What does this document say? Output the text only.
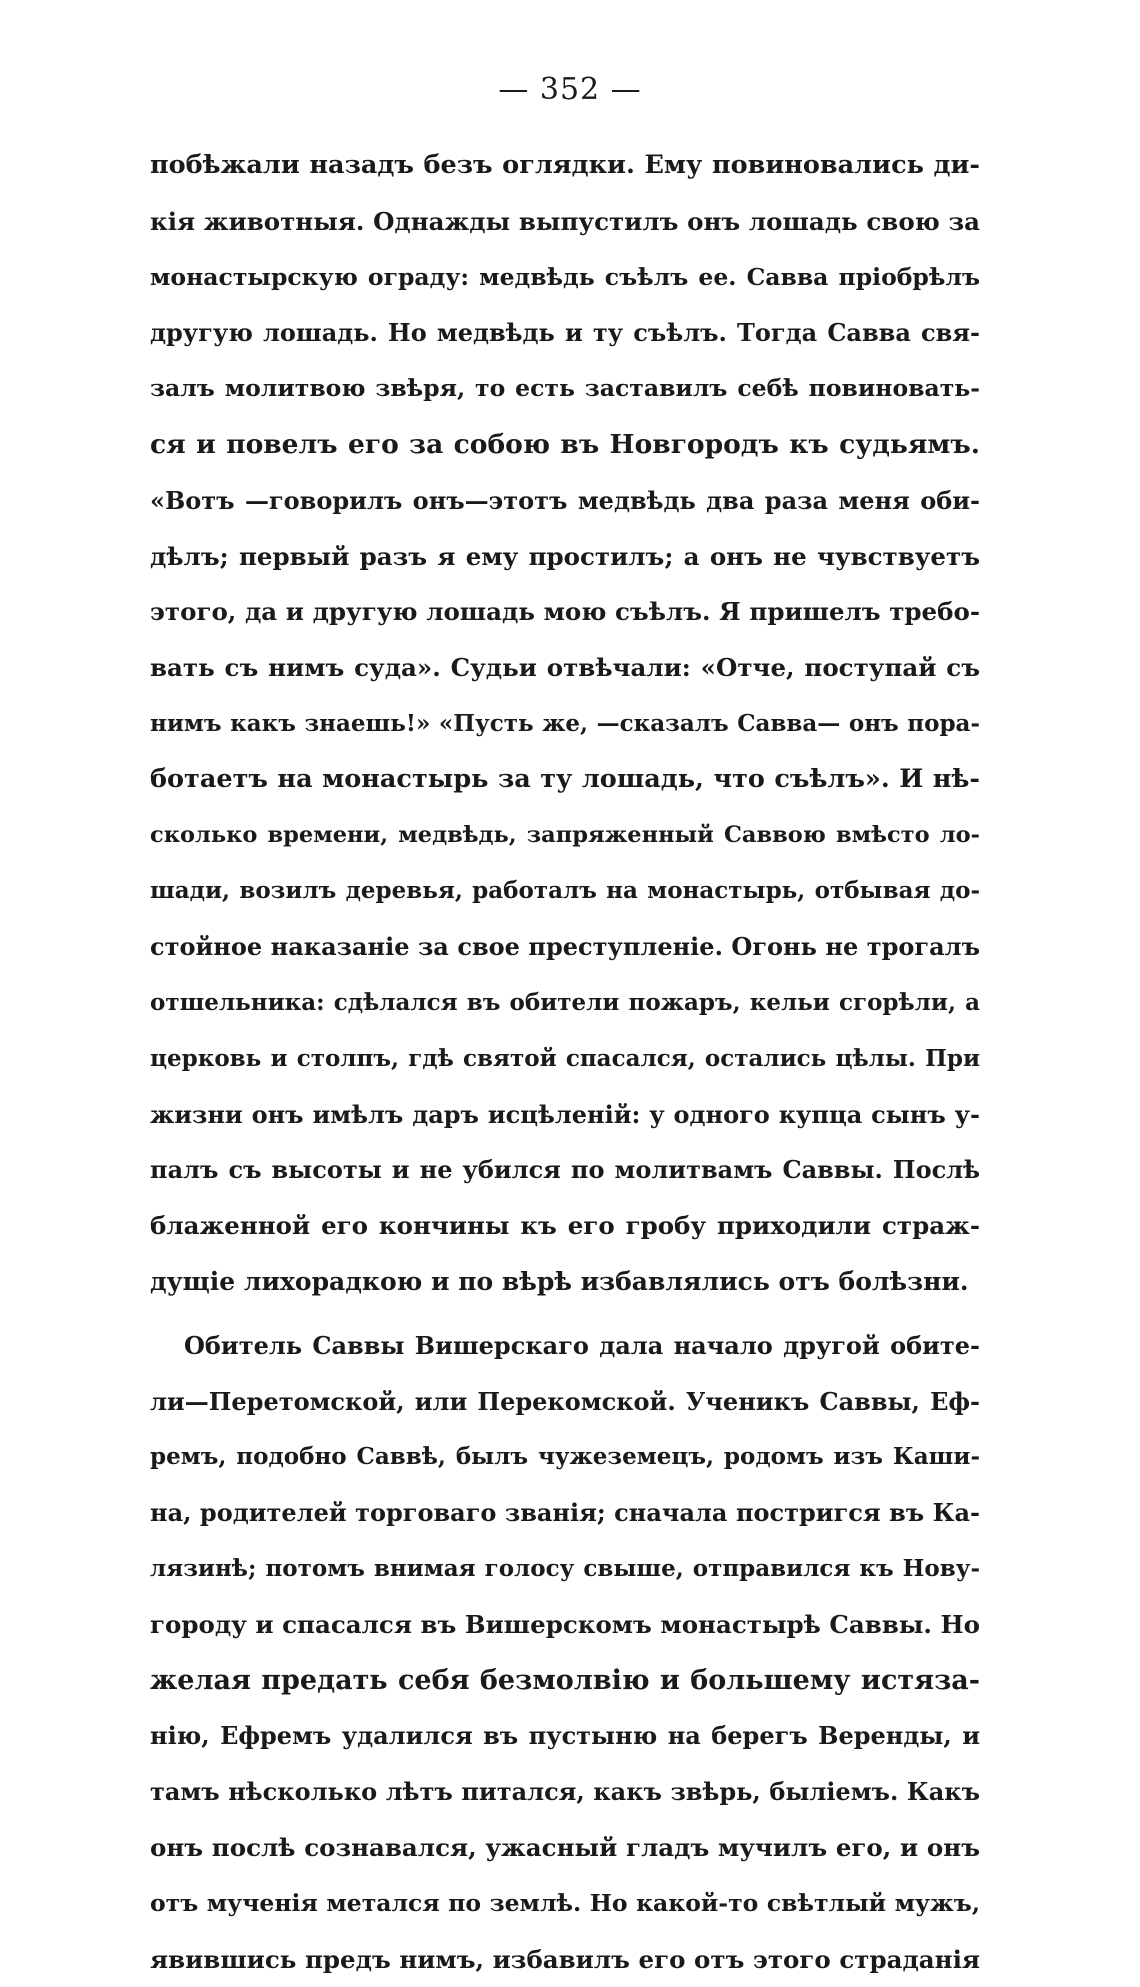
— 352 —
побѣжали назадъ безъ оглядки. Ему повиновались ди-
кія животныя. Однажды выпустилъ онъ лошадь свою за
монастырскую ограду: медвѣдь съѣлъ ее. Савва пріобрѣлъ
другую лошадь. Но медвѣдь и ту съѣлъ. Тогда Савва свя-
залъ молитвою звѣря, то есть заставилъ себѣ повиновать-
ся и повелъ его за собою въ Новгородъ къ судьямъ.
«Вотъ —говорилъ онъ—этотъ медвѣдь два раза меня оби-
дѣлъ; первый разъ я ему простилъ; а онъ не чувствуетъ
этого, да и другую лошадь мою съѣлъ. Я пришелъ требо-
вать съ нимъ суда». Судьи отвѣчали: «Отче, поступай съ
нимъ какъ знаешь!» «Пусть же, —сказалъ Савва— онъ пора-
ботаетъ на монастырь за ту лошадь, что съѣлъ». И нѣ-
сколько времени, медвѣдь, запряженный Саввою вмѣсто ло-
шади, возилъ деревья, работалъ на монастырь, отбывая до-
стойное наказаніе за свое преступленіе. Огонь не трогалъ
отшельника: сдѣлался въ обители пожаръ, кельи сгорѣли, а
церковь и столпъ, гдѣ святой спасался, остались цѣлы. При
жизни онъ имѣлъ даръ исцѣленій: у одного купца сынъ у-
палъ съ высоты и не убился по молитвамъ Саввы. Послѣ
блаженной его кончины къ его гробу приходили страж-
дущіе лихорадкою и по вѣрѣ избавлялись отъ болѣзни.
Обитель Саввы Вишерскаго дала начало другой обите-
ли—Перетомской, или Перекомской. Ученикъ Саввы, Еф-
ремъ, подобно Саввѣ, былъ чужеземецъ, родомъ изъ Каши-
на, родителей торговаго званія; сначала постригся въ Ка-
лязинѣ; потомъ внимая голосу свыше, отправился къ Нову-
городу и спасался въ Вишерскомъ монастырѣ Саввы. Но
желая предать себя безмолвію и большему истяза-
нію, Ефремъ удалился въ пустыню на берегъ Веренды, и
тамъ нѣсколько лѣтъ питался, какъ звѣрь, быліемъ. Какъ
онъ послѣ сознавался, ужасный гладъ мучилъ его, и онъ
отъ мученія метался по землѣ. Но какой-то свѣтлый мужъ,
явившись предъ нимъ, избавилъ его отъ этого страданія
